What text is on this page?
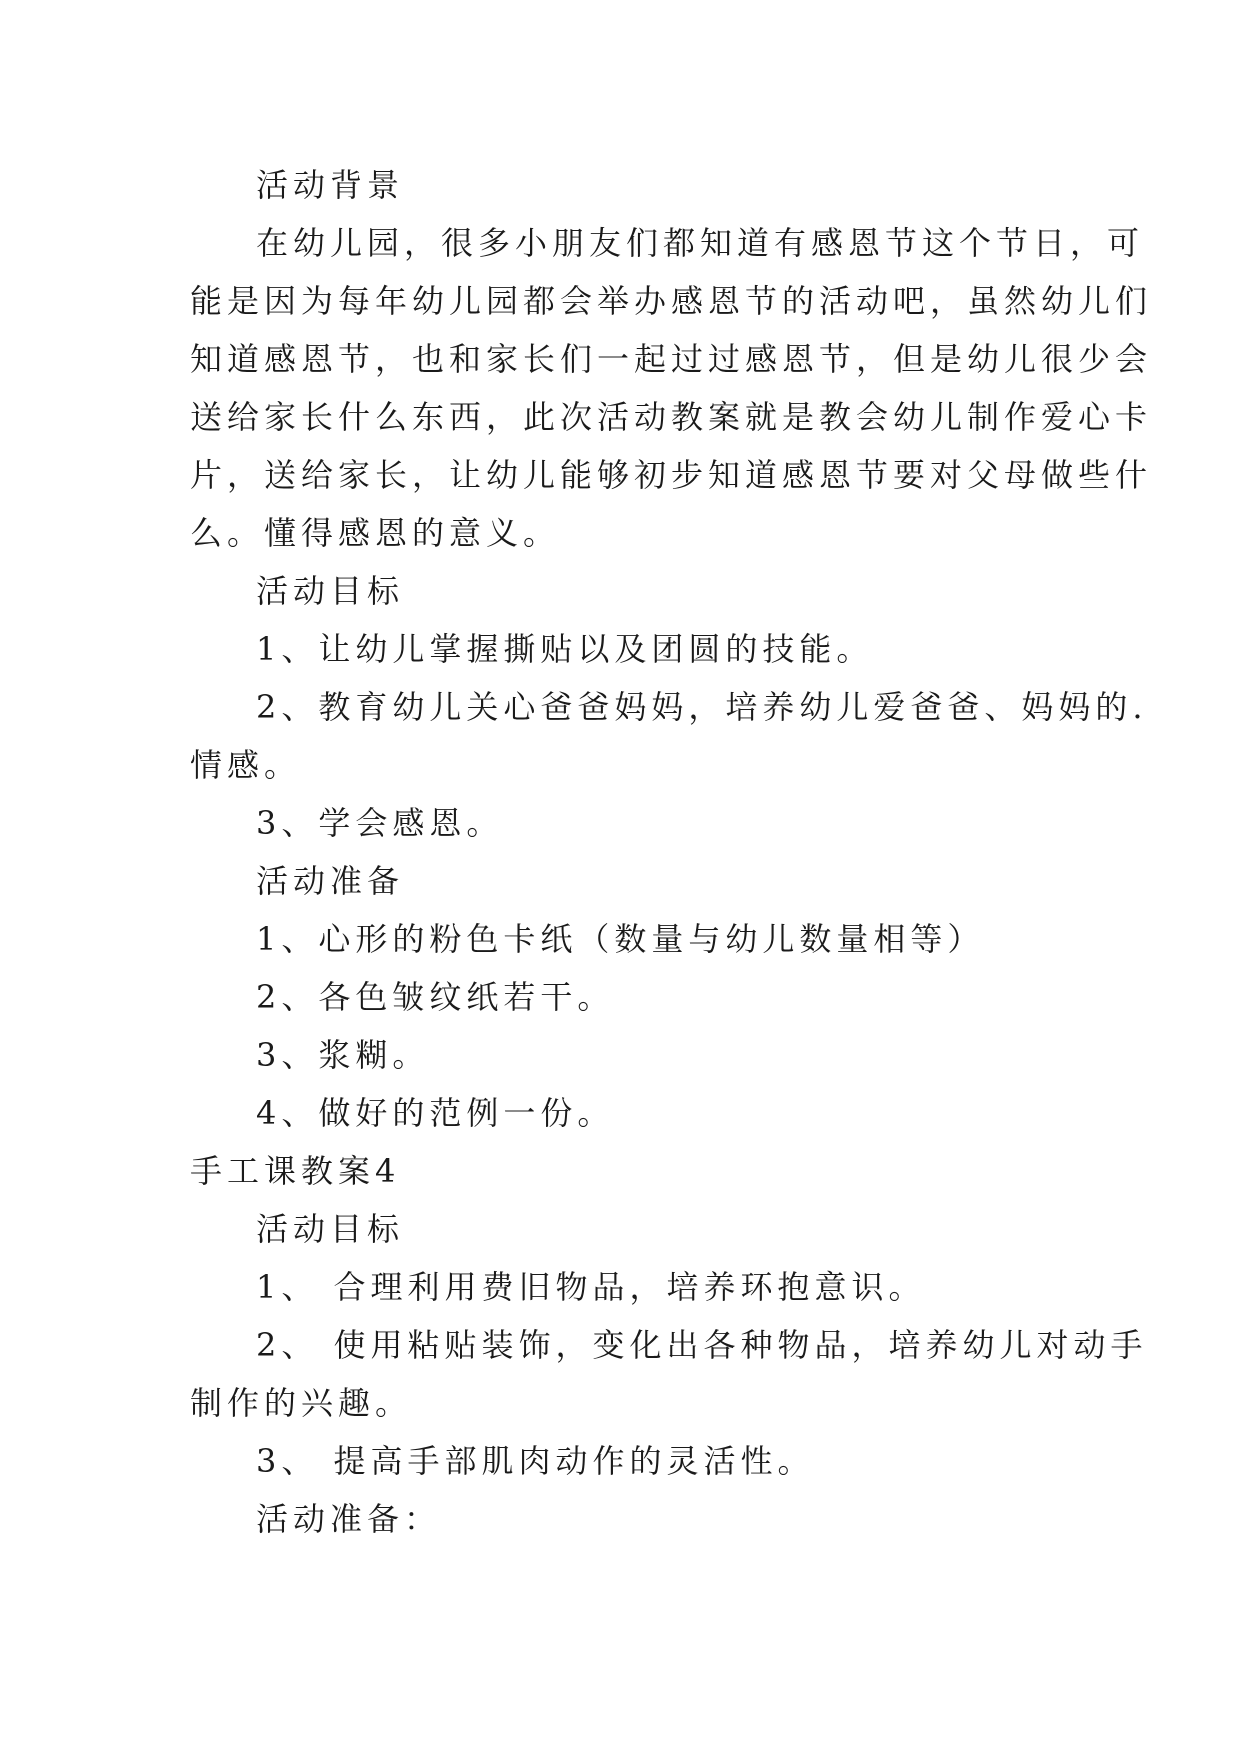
活动背景
在幼儿园，很多小朋友们都知道有感恩节这个节日，可
能是因为每年幼儿园都会举办感恩节的活动吧，虽然幼儿们
知道感恩节，也和家长们一起过过感恩节，但是幼儿很少会
送给家长什么东西，此次活动教案就是教会幼儿制作爱心卡
片，送给家长，让幼儿能够初步知道感恩节要对父母做些什
么。懂得感恩的意义。
活动目标
1、让幼儿掌握撕贴以及团圆的技能。
2、教育幼儿关心爸爸妈妈，培养幼儿爱爸爸、妈妈的.
情感。
3、学会感恩。
活动准备
1、心形的粉色卡纸（数量与幼儿数量相等）
2、各色皱纹纸若干。
3、浆糊。
4、做好的范例一份。
手工课教案4
活动目标
1、 合理利用费旧物品，培养环抱意识。
2、 使用粘贴装饰，变化出各种物品，培养幼儿对动手
制作的兴趣。
3、 提高手部肌肉动作的灵活性。
活动准备：
